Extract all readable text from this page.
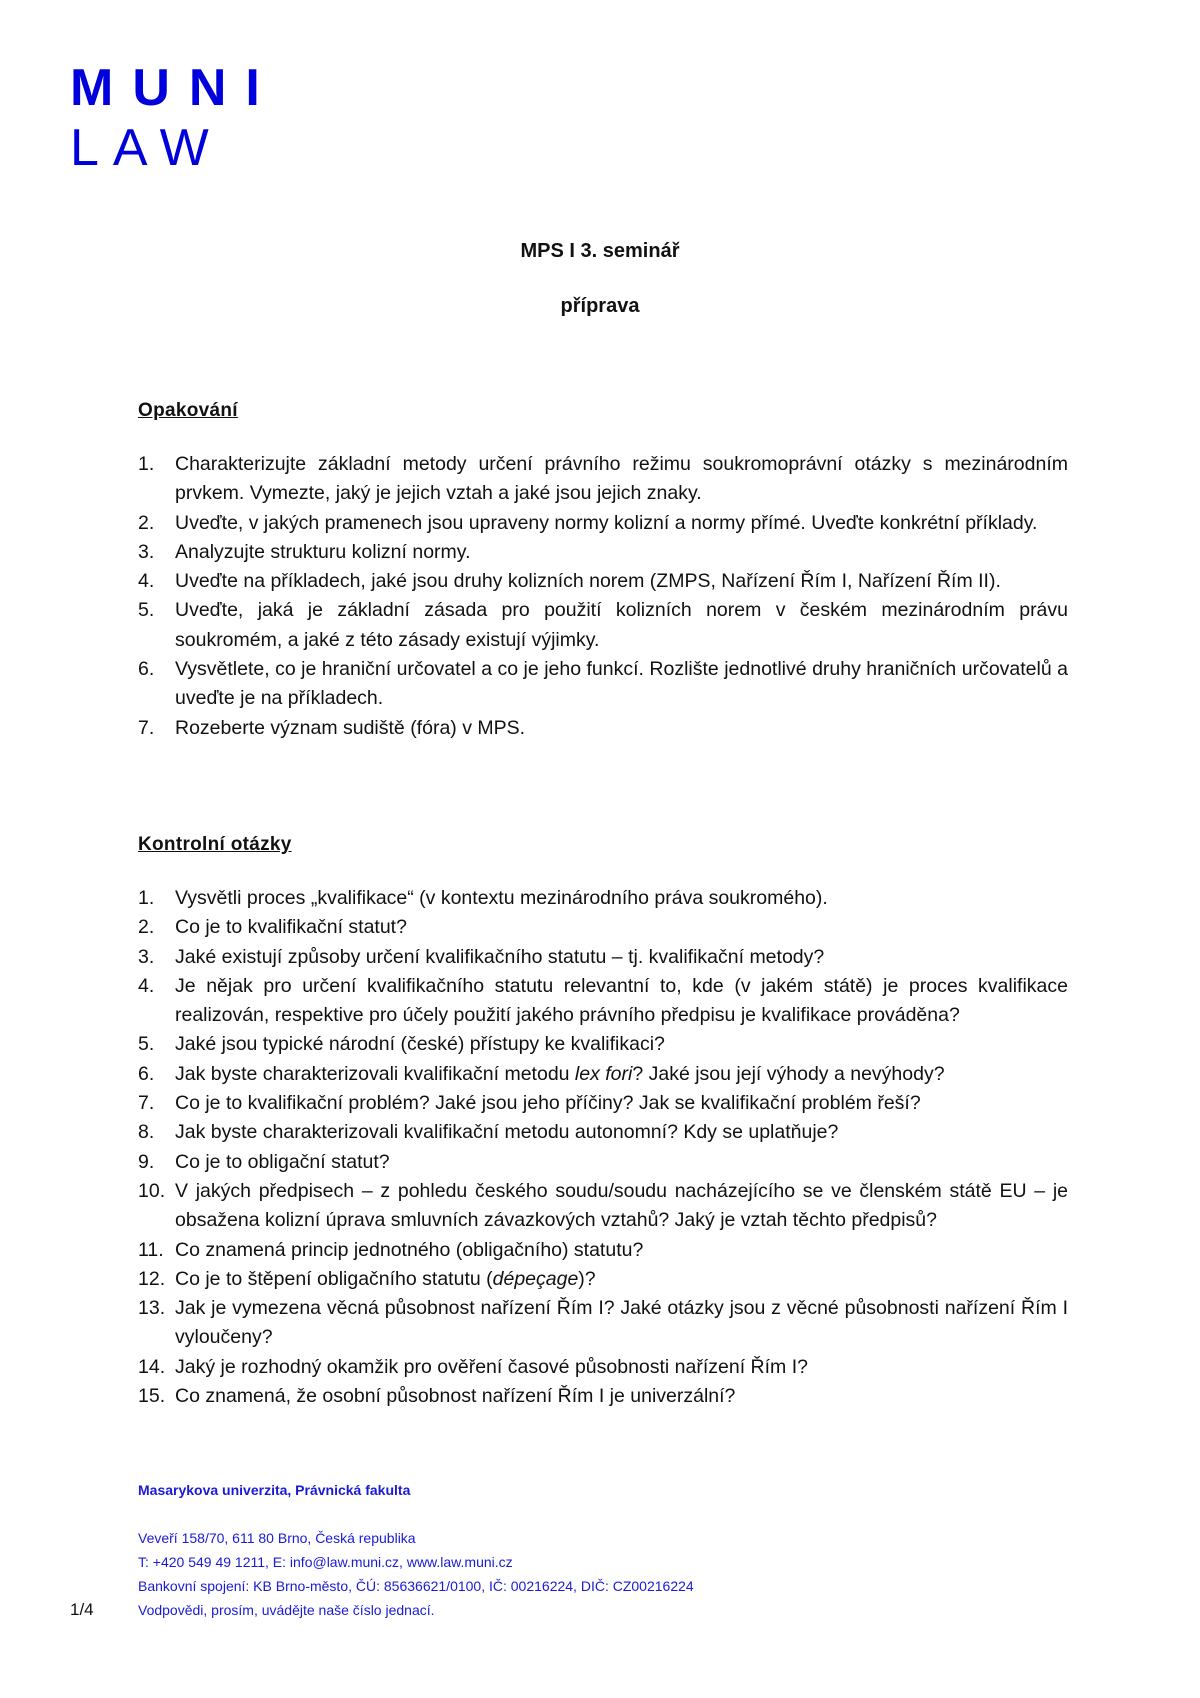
MUNI
LAW
MPS I 3. seminář
příprava
Opakování
1. Charakterizujte základní metody určení právního režimu soukromoprávní otázky s mezinárodním prvkem. Vymezte, jaký je jejich vztah a jaké jsou jejich znaky.
2. Uveďte, v jakých pramenech jsou upraveny normy kolizní a normy přímé. Uveďte konkrétní příklady.
3. Analyzujte strukturu kolizní normy.
4. Uveďte na příkladech, jaké jsou druhy kolizních norem (ZMPS, Nařízení Řím I, Nařízení Řím II).
5. Uveďte, jaká je základní zásada pro použití kolizních norem v českém mezinárodním právu soukromém, a jaké z této zásady existují výjimky.
6. Vysvětlete, co je hraniční určovatel a co je jeho funkcí. Rozlište jednotlivé druhy hraničních určovatelů a uveďte je na příkladech.
7. Rozeberte význam sudiště (fóra) v MPS.
Kontrolní otázky
1. Vysvětli proces „kvalifikace“ (v kontextu mezinárodního práva soukromého).
2. Co je to kvalifikační statut?
3. Jaké existují způsoby určení kvalifikačního statutu – tj. kvalifikační metody?
4. Je nějak pro určení kvalifikačního statutu relevantní to, kde (v jakém státě) je proces kvalifikace realizován, respektive pro účely použití jakého právního předpisu je kvalifikace prováděna?
5. Jaké jsou typické národní (české) přístupy ke kvalifikaci?
6. Jak byste charakterizovali kvalifikační metodu lex fori? Jaké jsou její výhody a nevýhody?
7. Co je to kvalifikační problém? Jaké jsou jeho příčiny? Jak se kvalifikační problém řeší?
8. Jak byste charakterizovali kvalifikační metodu autonomní? Kdy se uplatňuje?
9. Co je to obligační statut?
10. V jakých předpisech – z pohledu českého soudu/soudu nacházejícího se ve členském státě EU – je obsažena kolizní úprava smluvních závazkových vztahů? Jaký je vztah těchto předpisů?
11. Co znamená princip jednotného (obligačního) statutu?
12. Co je to štěpení obligačního statutu (dépeçage)?
13. Jak je vymezena věcná působnost nařízení Řím I? Jaké otázky jsou z věcné působnosti nařízení Řím I vyloučeny?
14. Jaký je rozhodný okamžik pro ověření časové působnosti nařízení Řím I?
15. Co znamená, že osobní působnost nařízení Řím I je univerzální?
Masarykova univerzita, Právnická fakulta
Veveří 158/70, 611 80 Brno, Česká republika
T: +420 549 49 1211, E: info@law.muni.cz, www.law.muni.cz
Bankovní spojení: KB Brno-město, ČÚ: 85636621/0100, IČ: 00216224, DIČ: CZ00216224
Vodpovědi, prosím, uvádějte naše číslo jednací.
1/4
